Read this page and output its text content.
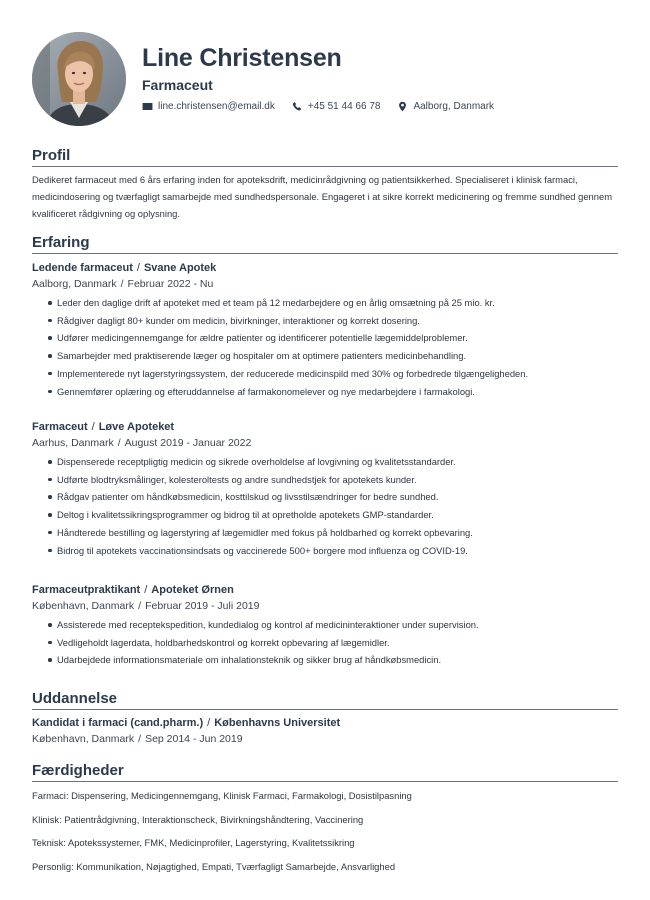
Line Christensen
Farmaceut
line.christensen@email.dk	+45 51 44 66 78	Aalborg, Danmark
Profil
Dedikeret farmaceut med 6 års erfaring inden for apoteksdrift, medicinrådgivning og patientsikkerhed. Specialiseret i klinisk farmaci, medicindosering og tværfagligt samarbejde med sundhedspersonale. Engageret i at sikre korrekt medicinering og fremme sundhed gennem kvalificeret rådgivning og oplysning.
Erfaring
Ledende farmaceut / Svane Apotek
Aalborg, Danmark / Februar 2022 - Nu
Leder den daglige drift af apoteket med et team på 12 medarbejdere og en årlig omsætning på 25 mio. kr.
Rådgiver dagligt 80+ kunder om medicin, bivirkninger, interaktioner og korrekt dosering.
Udfører medicingennemgange for ældre patienter og identificerer potentielle lægemiddelproblemer.
Samarbejder med praktiserende læger og hospitaler om at optimere patienters medicinbehandling.
Implementerede nyt lagerstyringssystem, der reducerede medicinspild med 30% og forbedrede tilgængeligheden.
Gennemfører oplæring og efteruddannelse af farmakonomelever og nye medarbejdere i farmakologi.
Farmaceut / Løve Apoteket
Aarhus, Danmark / August 2019 - Januar 2022
Dispenserede receptpligtig medicin og sikrede overholdelse af lovgivning og kvalitetsstandarder.
Udførte blodtryksmålinger, kolesteroltests og andre sundhedstjek for apotekets kunder.
Rådgav patienter om håndkøbsmedicin, kosttilskud og livsstilsændringer for bedre sundhed.
Deltog i kvalitetssikringsprogrammer og bidrog til at opretholde apotekets GMP-standarder.
Håndterede bestilling og lagerstyring af lægemidler med fokus på holdbarhed og korrekt opbevaring.
Bidrog til apotekets vaccinationsindsats og vaccinerede 500+ borgere mod influenza og COVID-19.
Farmaceutpraktikant / Apoteket Ørnen
København, Danmark / Februar 2019 - Juli 2019
Assisterede med receptekspedition, kundedialog og kontrol af medicininteraktioner under supervision.
Vedligeholdt lagerdata, holdbarhedskontrol og korrekt opbevaring af lægemidler.
Udarbejdede informationsmateriale om inhalationsteknik og sikker brug af håndkøbsmedicin.
Uddannelse
Kandidat i farmaci (cand.pharm.) / Københavns Universitet
København, Danmark / Sep 2014 - Jun 2019
Færdigheder
Farmaci: Dispensering, Medicingennemgang, Klinisk Farmaci, Farmakologi, Dosistilpasning
Klinisk: Patientrådgivning, Interaktionscheck, Bivirkningshåndtering, Vaccinering
Teknisk: Apotekssystemer, FMK, Medicinprofiler, Lagerstyring, Kvalitetssikring
Personlig: Kommunikation, Nøjagtighed, Empati, Tværfagligt Samarbejde, Ansvarlighed
